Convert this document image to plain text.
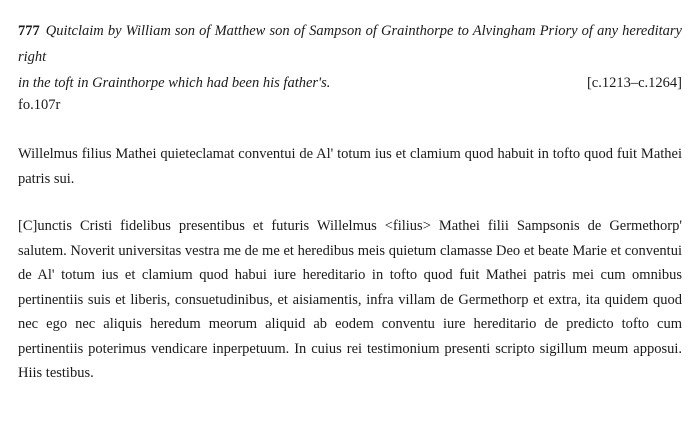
777 Quitclaim by William son of Matthew son of Sampson of Grainthorpe to Alvingham Priory of any hereditary right
in the toft in Grainthorpe which had been his father's.	[c.1213–c.1264]
fo.107r

Willelmus filius Mathei quieteclamat conventui de Al' totum ius et clamium quod habuit in tofto quod fuit Mathei patris sui.

[C]unctis Cristi fidelibus presentibus et futuris Willelmus <filius> Mathei filii Sampsonis de Germethorp' salutem. Noverit universitas vestra me de me et heredibus meis quietum clamasse Deo et beate Marie et conventui de Al' totum ius et clamium quod habui iure hereditario in tofto quod fuit Mathei patris mei cum omnibus pertinentiis suis et liberis, consuetudinibus, et aisiamentis, infra villam de Germethorp et extra, ita quidem quod nec ego nec aliquis heredum meorum aliquid ab eodem conventu iure hereditario de predicto tofto cum pertinentiis poterimus vendicare inperpetuum. In cuius rei testimonium presenti scripto sigillum meum apposui. Hiis testibus.
